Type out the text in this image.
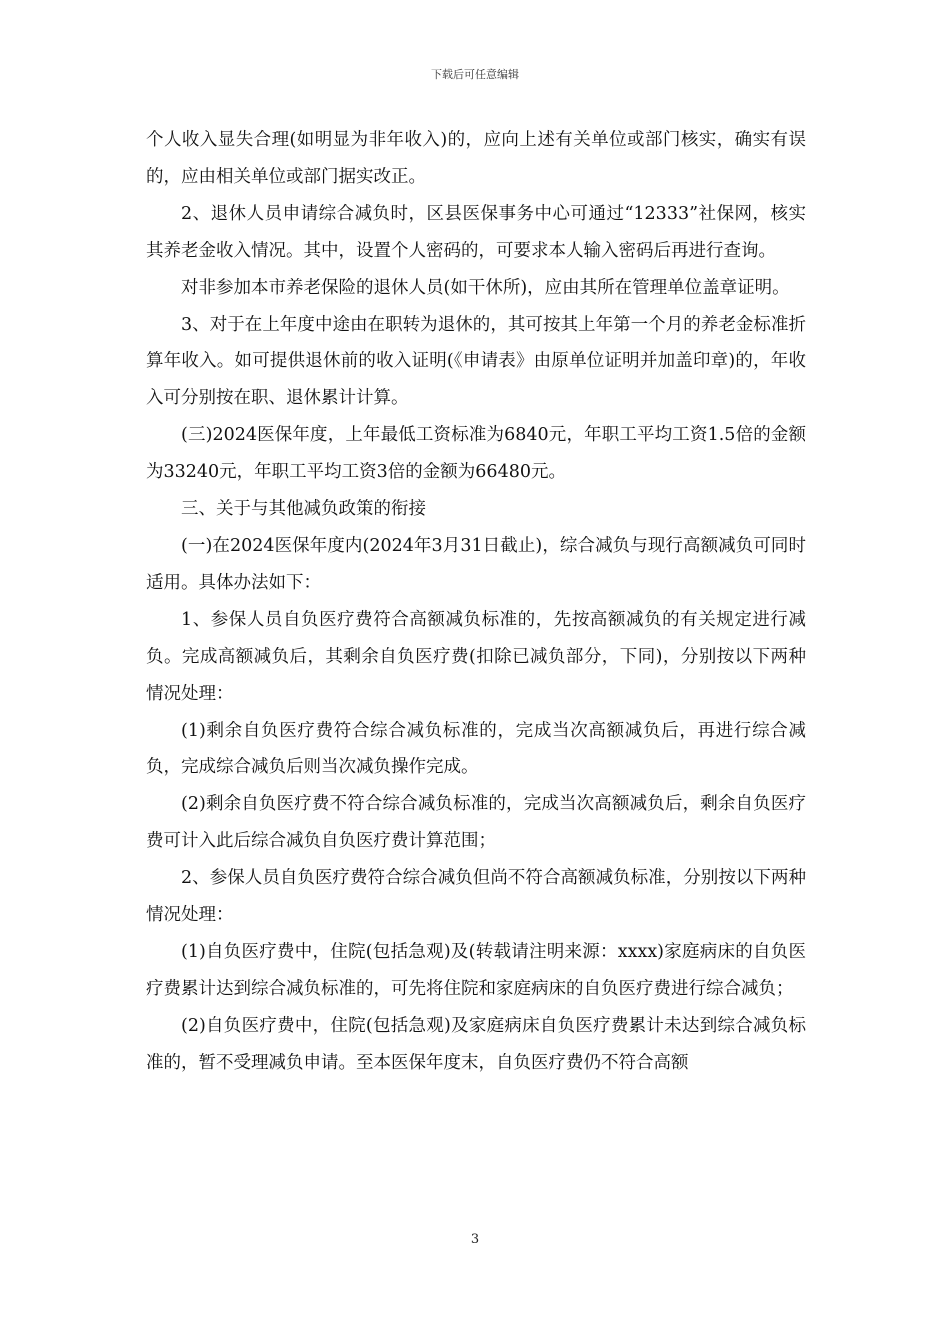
下载后可任意编辑

个人收入显失合理(如明显为非年收入)的，应向上述有关单位或部门核实，确实有误的，应由相关单位或部门据实改正。

2、退休人员申请综合减负时，区县医保事务中心可通过“12333”社保网，核实其养老金收入情况。其中，设置个人密码的，可要求本人输入密码后再进行查询。

对非参加本市养老保险的退休人员(如干休所)，应由其所在管理单位盖章证明。

3、对于在上年度中途由在职转为退休的，其可按其上年第一个月的养老金标准折算年收入。如可提供退休前的收入证明(《申请表》由原单位证明并加盖印章)的，年收入可分别按在职、退休累计计算。

(三)2024医保年度，上年最低工资标准为6840元，年职工平均工资1.5倍的金额为33240元，年职工平均工资3倍的金额为66480元。

三、关于与其他减负政策的衔接

(一)在2024医保年度内(2024年3月31日截止)，综合减负与现行高额减负可同时适用。具体办法如下：

1、参保人员自负医疗费符合高额减负标准的，先按高额减负的有关规定进行减负。完成高额减负后，其剩余自负医疗费(扣除已减负部分，下同)，分别按以下两种情况处理：

(1)剩余自负医疗费符合综合减负标准的，完成当次高额减负后，再进行综合减负，完成综合减负后则当次减负操作完成。

(2)剩余自负医疗费不符合综合减负标准的，完成当次高额减负后，剩余自负医疗费可计入此后综合减负自负医疗费计算范围；

2、参保人员自负医疗费符合综合减负但尚不符合高额减负标准，分别按以下两种情况处理：

(1)自负医疗费中，住院(包括急观)及(转载请注明来源：xxxx)家庭病床的自负医疗费累计达到综合减负标准的，可先将住院和家庭病床的自负医疗费进行综合减负；

(2)自负医疗费中，住院(包括急观)及家庭病床自负医疗费累计未达到综合减负标准的，暂不受理减负申请。至本医保年度末，自负医疗费仍不符合高额

3
